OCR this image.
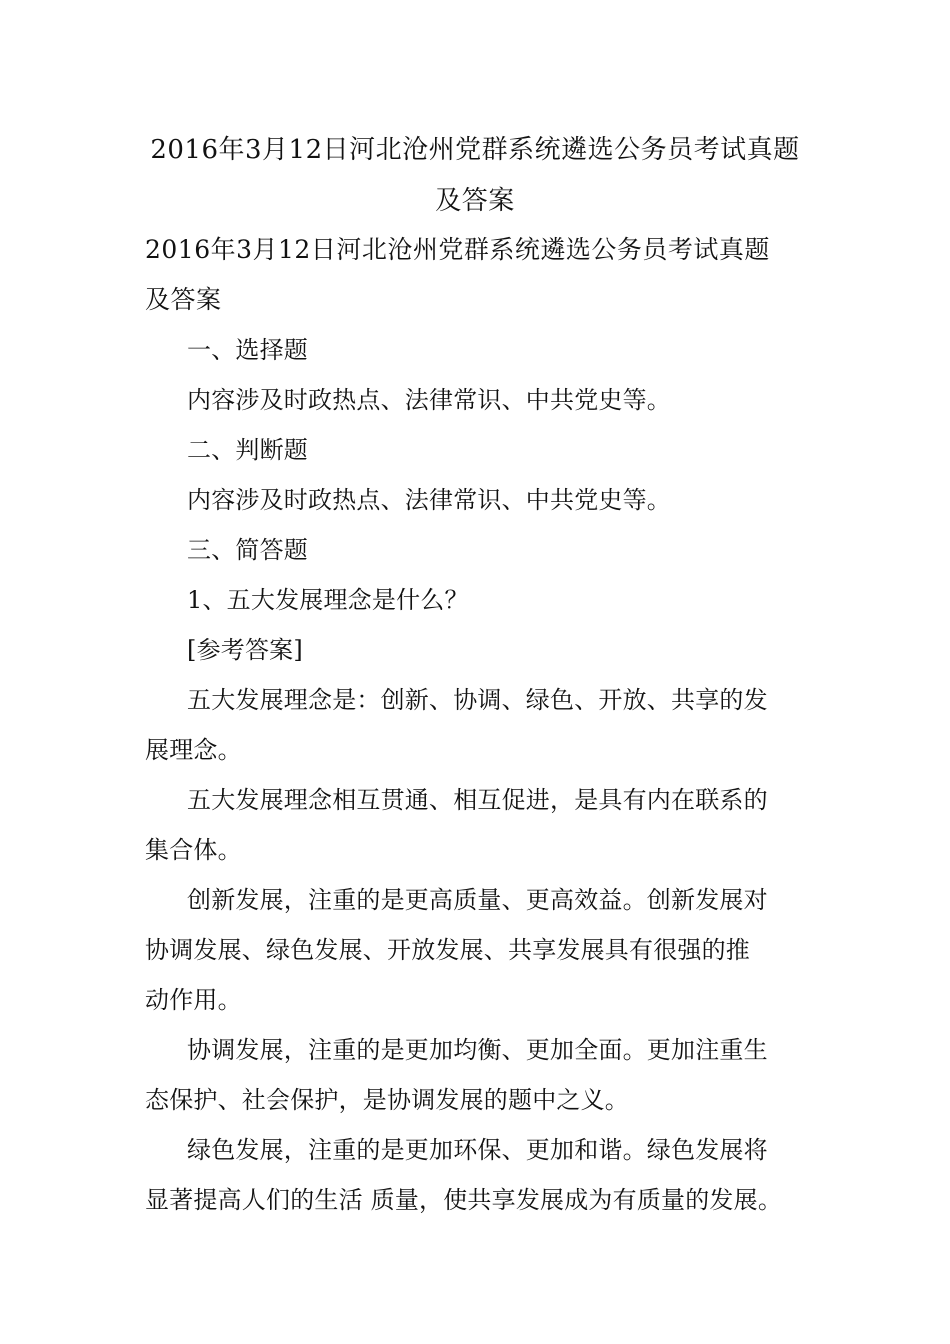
2016年3月12日河北沧州党群系统遴选公务员考试真题
及答案
2016年3月12日河北沧州党群系统遴选公务员考试真题
及答案
一、选择题
内容涉及时政热点、法律常识、中共党史等。
二、判断题
内容涉及时政热点、法律常识、中共党史等。
三、简答题
1、五大发展理念是什么？
[参考答案]
五大发展理念是：创新、协调、绿色、开放、共享的发
展理念。
五大发展理念相互贯通、相互促进，是具有内在联系的
集合体。
创新发展，注重的是更高质量、更高效益。创新发展对
协调发展、绿色发展、开放发展、共享发展具有很强的推
动作用。
协调发展，注重的是更加均衡、更加全面。更加注重生
态保护、社会保护，是协调发展的题中之义。
绿色发展，注重的是更加环保、更加和谐。绿色发展将
显著提高人们的生活 质量，使共享发展成为有质量的发展。
